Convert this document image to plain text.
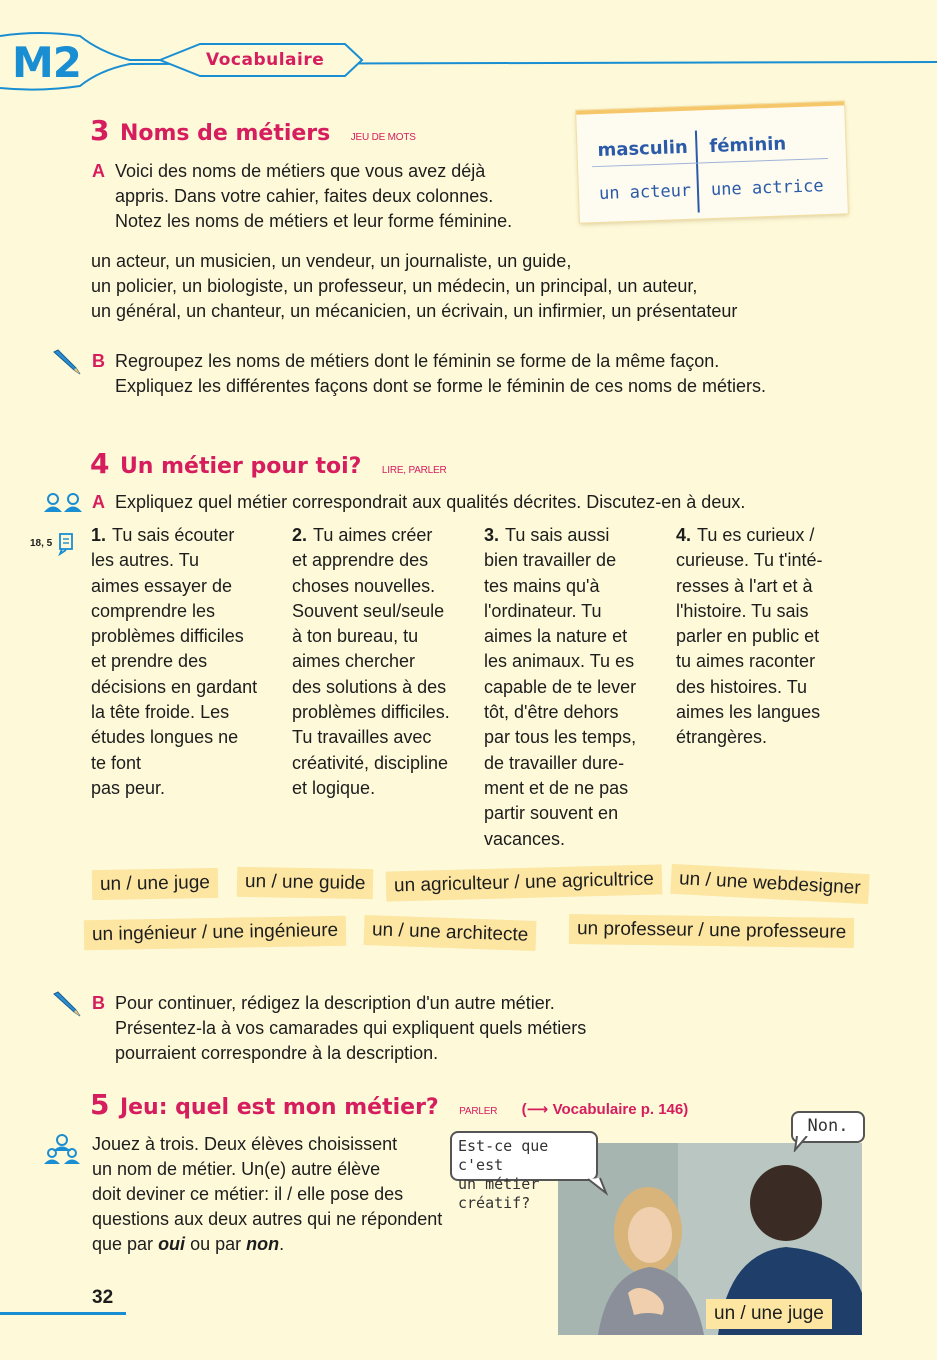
M2	Vocabulaire
3 Noms de métiers JEU DE MOTS
A Voici des noms de métiers que vous avez déjà
appris. Dans votre cahier, faites deux colonnes.
Notez les noms de métiers et leur forme féminine.
masculin féminin
un acteur une actrice
un acteur, un musicien, un vendeur, un journaliste, un guide,
un policier, un biologiste, un professeur, un médecin, un principal, un auteur,
un général, un chanteur, un mécanicien, un écrivain, un infirmier, un présentateur
B Regroupez les noms de métiers dont le féminin se forme de la même façon.
Expliquez les différentes façons dont se forme le féminin de ces noms de métiers.
4 Un métier pour toi? LIRE, PARLER
A Expliquez quel métier correspondrait aux qualités décrites. Discutez-en à deux.
18, 5 1. Tu sais écouter
les autres. Tu
aimes essayer de
comprendre les
problèmes difficiles
et prendre des
décisions en gardant
la tête froide. Les
études longues ne
te font
pas peur.
2. Tu aimes créer
et apprendre des
choses nouvelles.
Souvent seul/seule
à ton bureau, tu
aimes chercher
des solutions à des
problèmes difficiles.
Tu travailles avec
créativité, discipline
et logique.
3. Tu sais aussi
bien travailler de
tes mains qu'à
l'ordinateur. Tu
aimes la nature et
les animaux. Tu es
capable de te lever
tôt, d'être dehors
par tous les temps,
de travailler dure-
ment et de ne pas
partir souvent en
vacances.
4. Tu es curieux /
curieuse. Tu t'inté-
resses à l'art et à
l'histoire. Tu sais
parler en public et
tu aimes raconter
des histoires. Tu
aimes les langues
étrangères.
un / une juge	un / une guide	un agriculteur / une agricultrice	un / une webdesigner
un ingénieur / une ingénieure	un / une architecte	un professeur / une professeure
B Pour continuer, rédigez la description d'un autre métier.
Présentez-la à vos camarades qui expliquent quels métiers
pourraient correspondre à la description.
5 Jeu: quel est mon métier? PARLER (⟶ Vocabulaire p. 146)
Jouez à trois. Deux élèves choisissent
un nom de métier. Un(e) autre élève
doit deviner ce métier: il / elle pose des
questions aux deux autres qui ne répondent
que par oui ou par non.
un / une juge
Est-ce que c'est
un métier créatif?
Non.
32
